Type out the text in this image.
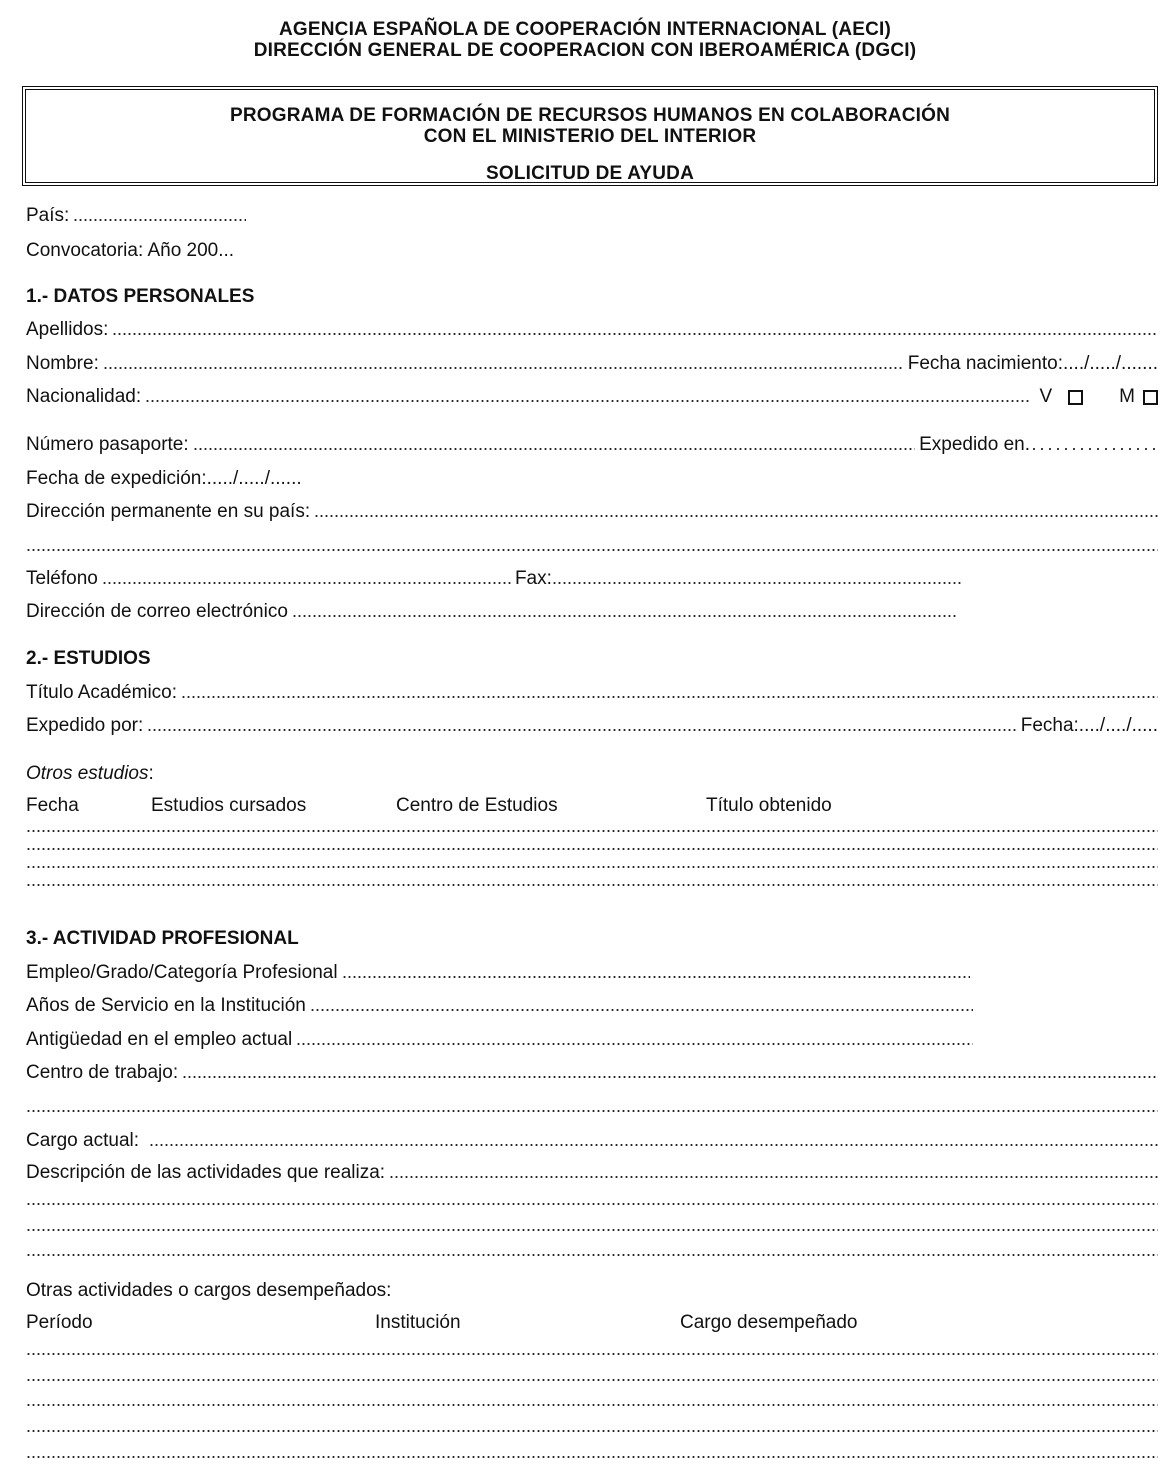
AGENCIA ESPAÑOLA DE COOPERACIÓN INTERNACIONAL (AECI)
DIRECCIÓN GENERAL DE COOPERACION CON IBEROAMÉRICA (DGCI)
PROGRAMA DE FORMACIÓN DE RECURSOS HUMANOS EN COLABORACIÓN
CON EL MINISTERIO DEL INTERIOR
SOLICITUD DE AYUDA
País:
Convocatoria: Año 200...
1.- DATOS PERSONALES
Apellidos:
Nombre:	Fecha nacimiento:..../...../.......
Nacionalidad:	V	M
Número pasaporte:	Expedido en.
Fecha de expedición:...../...../......
Dirección permanente en su país:
Teléfono	Fax:
Dirección de correo electrónico
2.- ESTUDIOS
Título Académico:
Expedido por:	Fecha:..../..../.....
Otros estudios:
Fecha	Estudios cursados	Centro de Estudios	Título obtenido
3.- ACTIVIDAD PROFESIONAL
Empleo/Grado/Categoría Profesional
Años de Servicio en la Institución
Antigüedad en el empleo actual
Centro de trabajo:
Cargo actual:
Descripción de las actividades que realiza:
Otras actividades o cargos desempeñados:
Período	Institución	Cargo desempeñado
